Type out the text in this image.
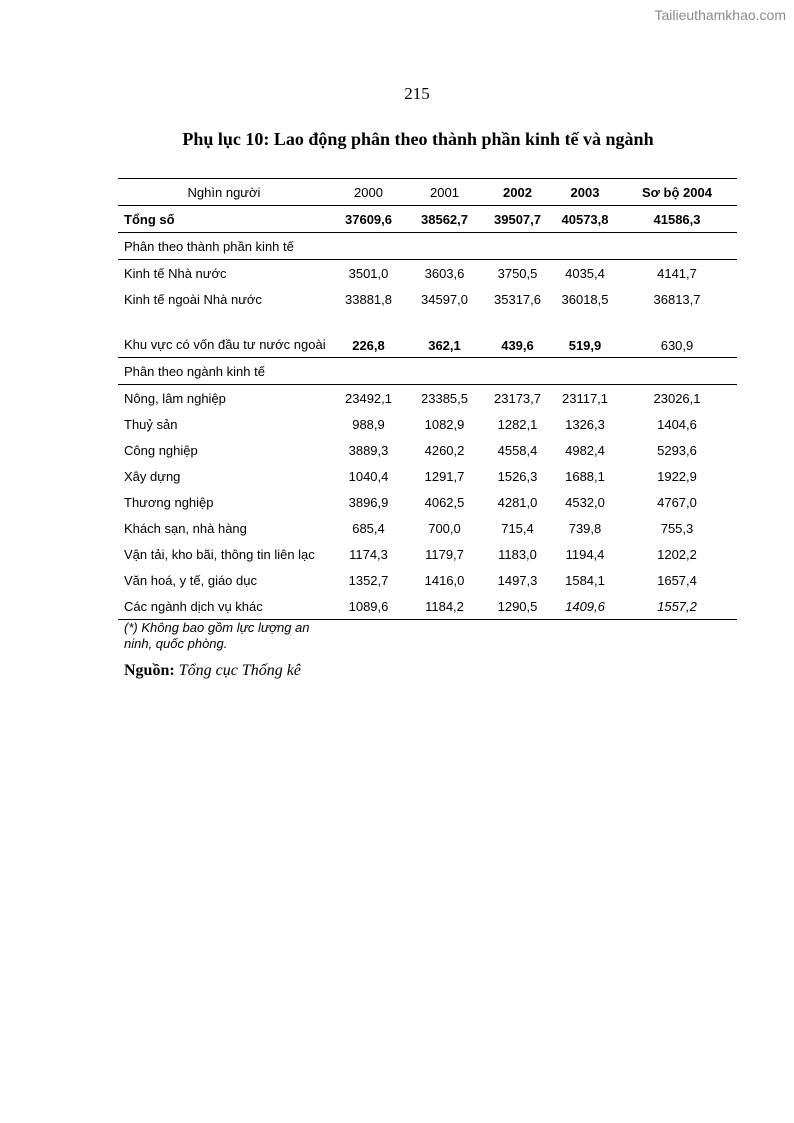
Tailieuthamkhao.com
215
Phụ lục 10: Lao động phân theo thành phần kinh tế và ngành
Nghìn người	2000	2001	2002	2003	Sơ bộ 2004
Tổng số	37609,6	38562,7	39507,7	40573,8	41586,3
Phân theo thành phần kinh tế					
Kinh tế Nhà nước	3501,0	3603,6	3750,5	4035,4	4141,7
Kinh tế ngoài Nhà nước	33881,8	34597,0	35317,6	36018,5	36813,7
Khu vực có vốn đầu tư nước ngoài	226,8	362,1	439,6	519,9	630,9
Phân theo ngành kinh tế					
Nông, lâm nghiệp	23492,1	23385,5	23173,7	23117,1	23026,1
Thuỷ sản	988,9	1082,9	1282,1	1326,3	1404,6
Công nghiệp	3889,3	4260,2	4558,4	4982,4	5293,6
Xây dựng	1040,4	1291,7	1526,3	1688,1	1922,9
Thương nghiệp	3896,9	4062,5	4281,0	4532,0	4767,0
Khách sạn, nhà hàng	685,4	700,0	715,4	739,8	755,3
Vận tải, kho bãi, thông tin liên lạc	1174,3	1179,7	1183,0	1194,4	1202,2
Văn hoá, y tế, giáo dục	1352,7	1416,0	1497,3	1584,1	1657,4
Các ngành dịch vụ khác	1089,6	1184,2	1290,5	1409,6	1557,2
(*) Không bao gồm lực lượng an ninh, quốc phòng.
Nguồn: Tổng cục Thống kê
